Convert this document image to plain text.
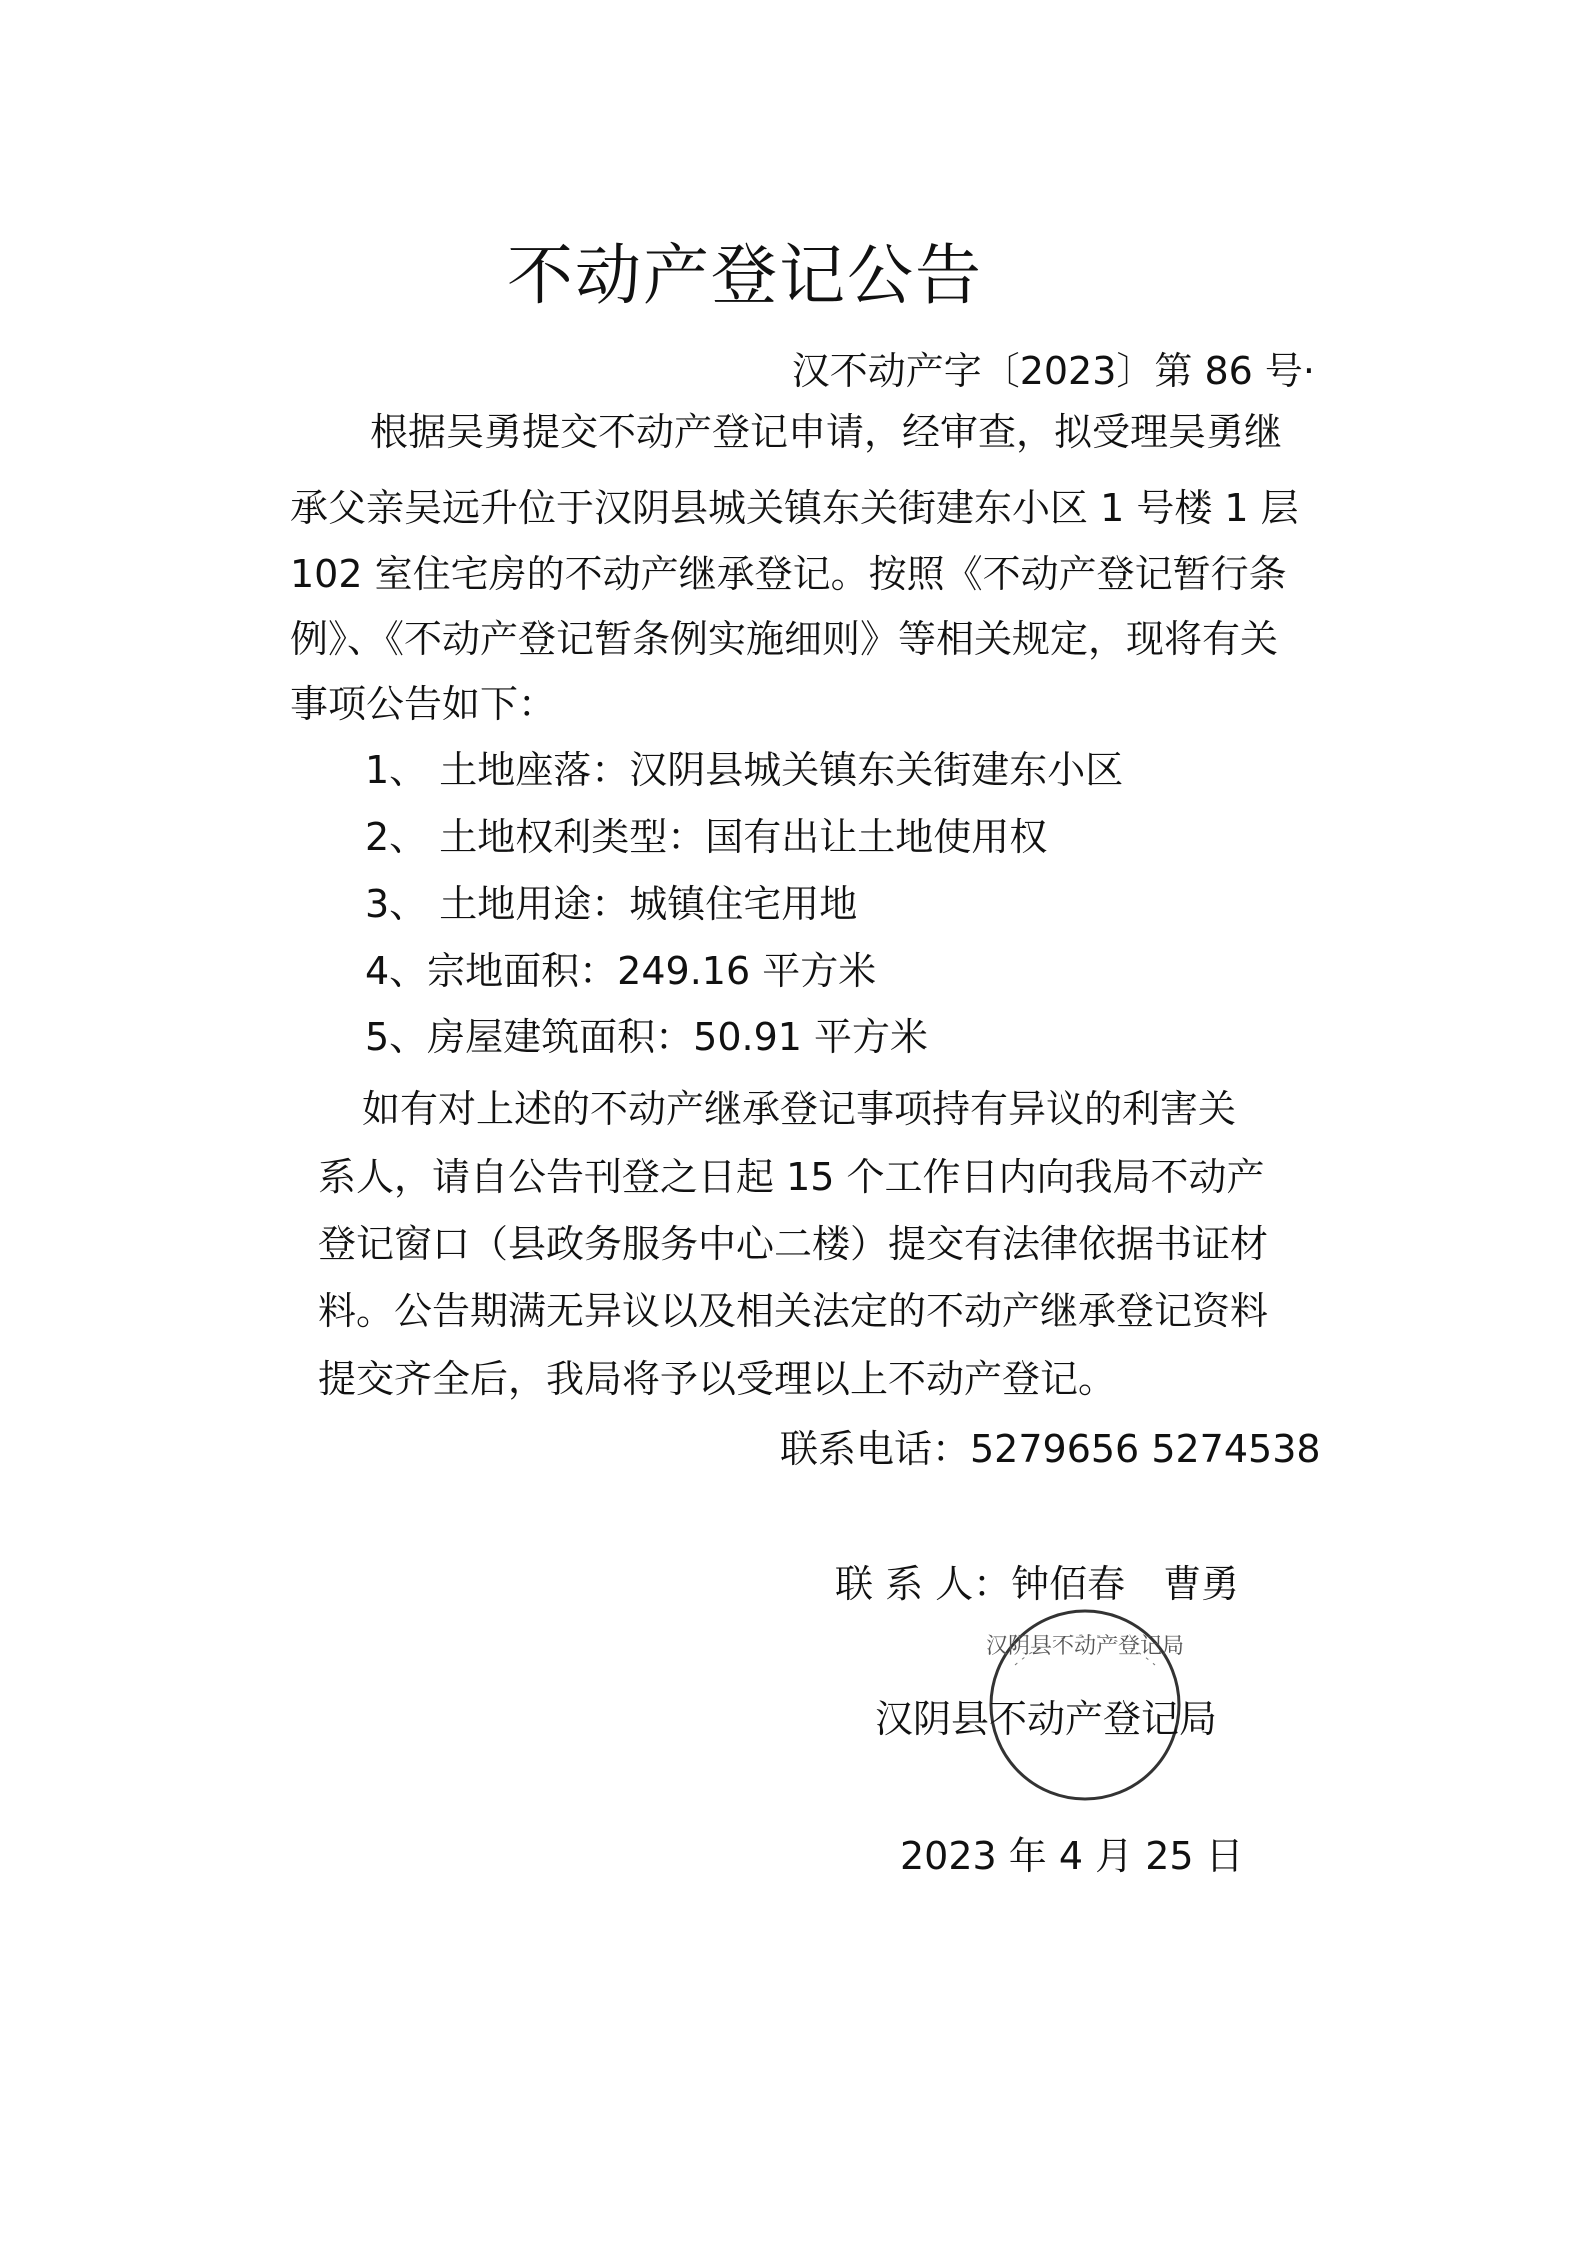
不动产登记公告
汉不动产字〔2023〕第 86 号·
根据吴勇提交不动产登记申请，经审查，拟受理吴勇继
承父亲吴远升位于汉阴县城关镇东关街建东小区 1 号楼 1 层
102 室住宅房的不动产继承登记。按照《不动产登记暂行条
例》、《不动产登记暂条例实施细则》等相关规定，现将有关
事项公告如下：
1、 土地座落：汉阴县城关镇东关街建东小区
2、 土地权利类型：国有出让土地使用权
3、 土地用途：城镇住宅用地
4、宗地面积：249.16 平方米
5、房屋建筑面积：50.91 平方米
如有对上述的不动产继承登记事项持有异议的利害关
系人，请自公告刊登之日起 15 个工作日内向我局不动产
登记窗口（县政务服务中心二楼）提交有法律依据书证材
料。公告期满无异议以及相关法定的不动产继承登记资料
提交齐全后，我局将予以受理以上不动产登记。
联系电话：5279656 5274538
联 系 人：钟佰春　曹勇
汉阴县不动产登记局
汉阴县不动产登记局
2023 年 4 月 25 日
